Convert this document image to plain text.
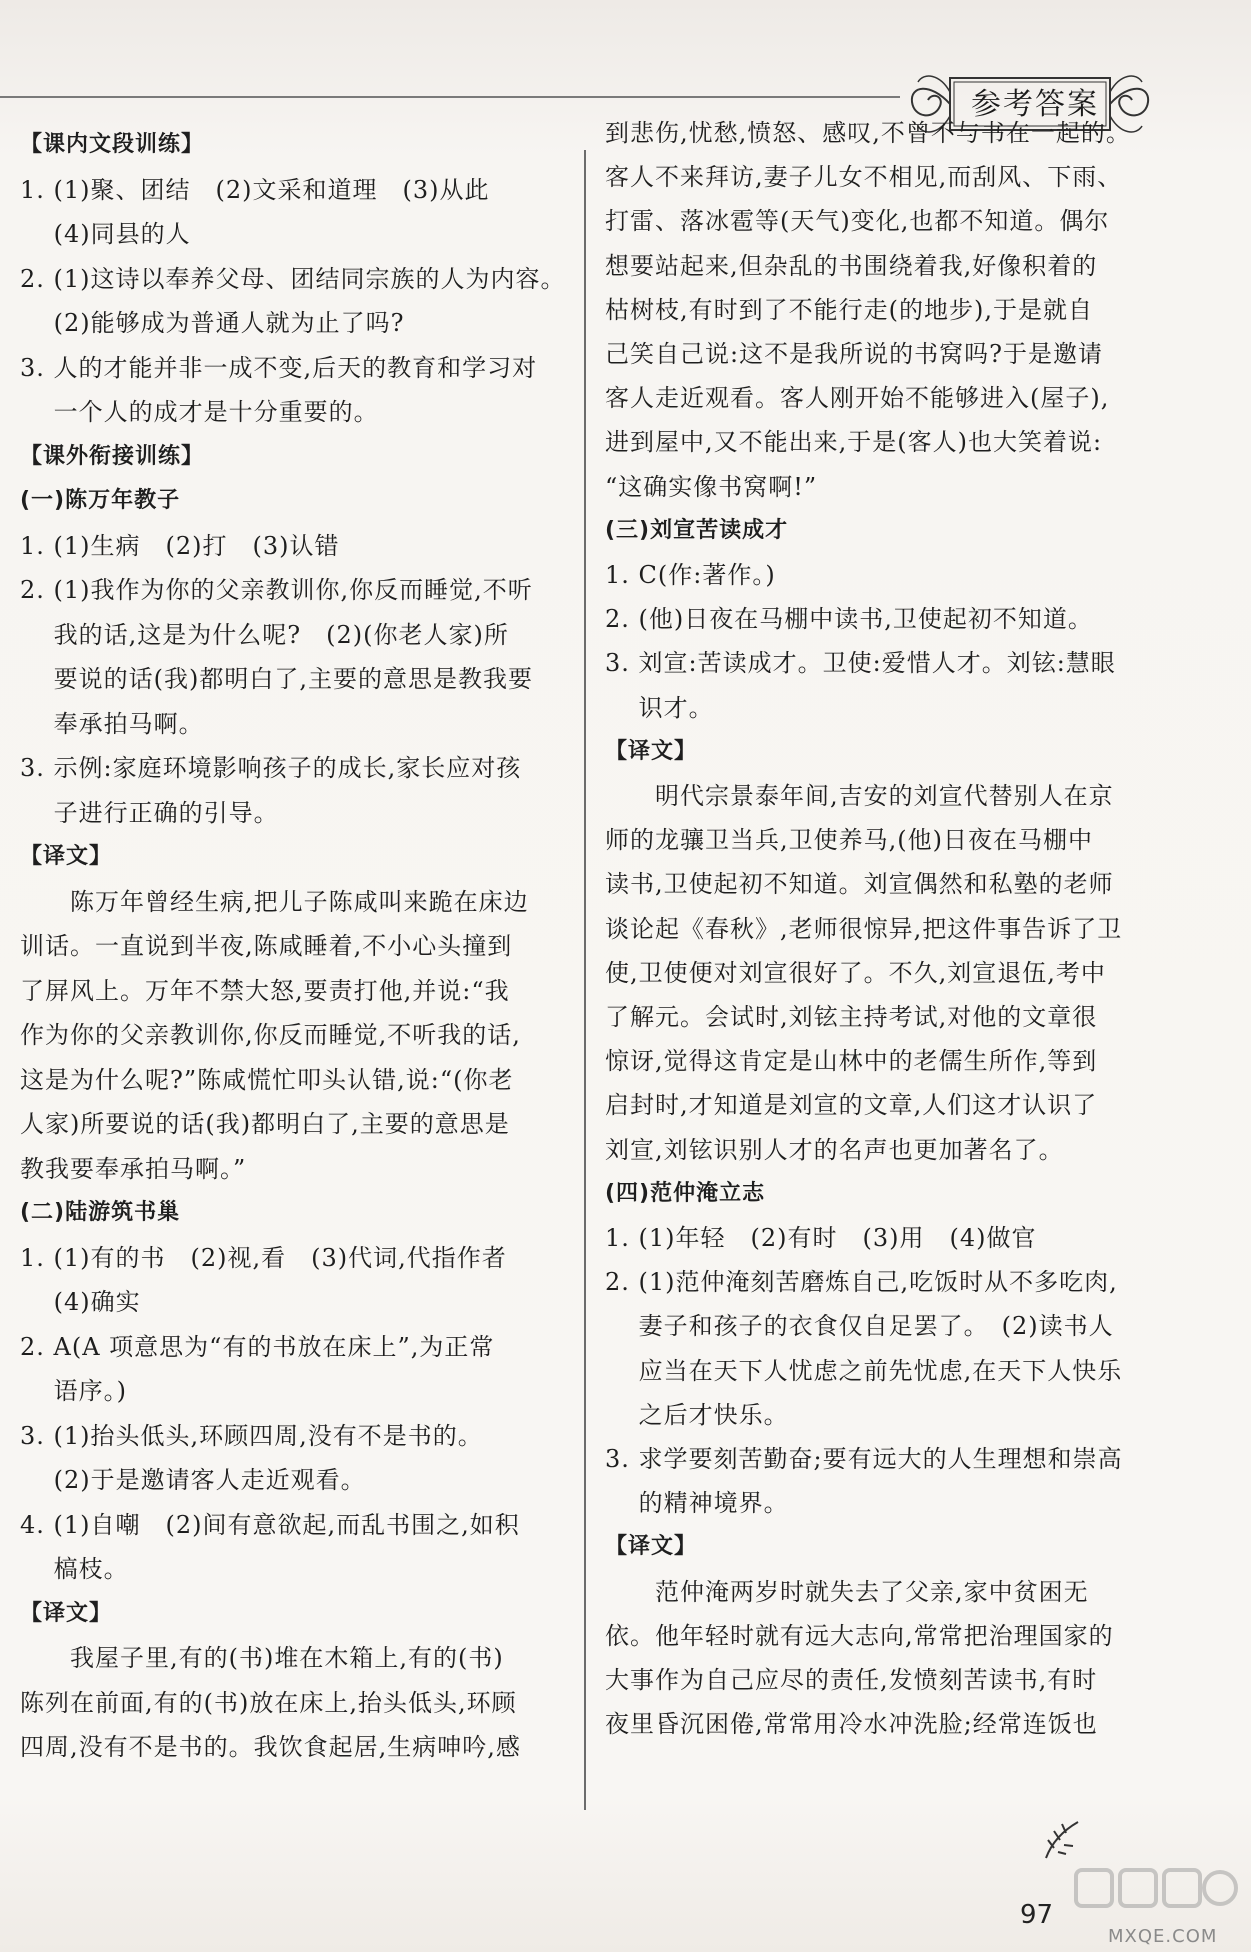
参考答案
【课内文段训练】
1. (1)聚、团结　(2)文采和道理　(3)从此
　 (4)同县的人
2. (1)这诗以奉养父母、团结同宗族的人为内容。
　 (2)能够成为普通人就为止了吗?
3. 人的才能并非一成不变,后天的教育和学习对
　 一个人的成才是十分重要的。
【课外衔接训练】
(一)陈万年教子
1. (1)生病　(2)打　(3)认错
2. (1)我作为你的父亲教训你,你反而睡觉,不听
　 我的话,这是为什么呢?　(2)(你老人家)所
　 要说的话(我)都明白了,主要的意思是教我要
　 奉承拍马啊。
3. 示例:家庭环境影响孩子的成长,家长应对孩
　 子进行正确的引导。
【译文】
　　陈万年曾经生病,把儿子陈咸叫来跪在床边
训话。一直说到半夜,陈咸睡着,不小心头撞到
了屏风上。万年不禁大怒,要责打他,并说:“我
作为你的父亲教训你,你反而睡觉,不听我的话,
这是为什么呢?”陈咸慌忙叩头认错,说:“(你老
人家)所要说的话(我)都明白了,主要的意思是
教我要奉承拍马啊。”
(二)陆游筑书巢
1. (1)有的书　(2)视,看　(3)代词,代指作者
　 (4)确实
2. A(A 项意思为“有的书放在床上”,为正常
　 语序。)
3. (1)抬头低头,环顾四周,没有不是书的。
　 (2)于是邀请客人走近观看。
4. (1)自嘲　(2)间有意欲起,而乱书围之,如积
　 槁枝。
【译文】
　　我屋子里,有的(书)堆在木箱上,有的(书)
陈列在前面,有的(书)放在床上,抬头低头,环顾
四周,没有不是书的。我饮食起居,生病呻吟,感
到悲伤,忧愁,愤怒、感叹,不曾不与书在一起的。
客人不来拜访,妻子儿女不相见,而刮风、下雨、
打雷、落冰雹等(天气)变化,也都不知道。偶尔
想要站起来,但杂乱的书围绕着我,好像积着的
枯树枝,有时到了不能行走(的地步),于是就自
己笑自己说:这不是我所说的书窝吗?于是邀请
客人走近观看。客人刚开始不能够进入(屋子),
进到屋中,又不能出来,于是(客人)也大笑着说:
“这确实像书窝啊!”
(三)刘宣苦读成才
1. C(作:著作。)
2. (他)日夜在马棚中读书,卫使起初不知道。
3. 刘宣:苦读成才。卫使:爱惜人才。刘铉:慧眼
　 识才。
【译文】
　　明代宗景泰年间,吉安的刘宣代替别人在京
师的龙骧卫当兵,卫使养马,(他)日夜在马棚中
读书,卫使起初不知道。刘宣偶然和私塾的老师
谈论起《春秋》,老师很惊异,把这件事告诉了卫
使,卫使便对刘宣很好了。不久,刘宣退伍,考中
了解元。会试时,刘铉主持考试,对他的文章很
惊讶,觉得这肯定是山林中的老儒生所作,等到
启封时,才知道是刘宣的文章,人们这才认识了
刘宣,刘铉识别人才的名声也更加著名了。
(四)范仲淹立志
1. (1)年轻　(2)有时　(3)用　(4)做官
2. (1)范仲淹刻苦磨炼自己,吃饭时从不多吃肉,
　 妻子和孩子的衣食仅自足罢了。　(2)读书人
　 应当在天下人忧虑之前先忧虑,在天下人快乐
　 之后才快乐。
3. 求学要刻苦勤奋;要有远大的人生理想和崇高
　 的精神境界。
【译文】
　　范仲淹两岁时就失去了父亲,家中贫困无
依。他年轻时就有远大志向,常常把治理国家的
大事作为自己应尽的责任,发愤刻苦读书,有时
夜里昏沉困倦,常常用冷水冲洗脸;经常连饭也
97
MXQE.COM
